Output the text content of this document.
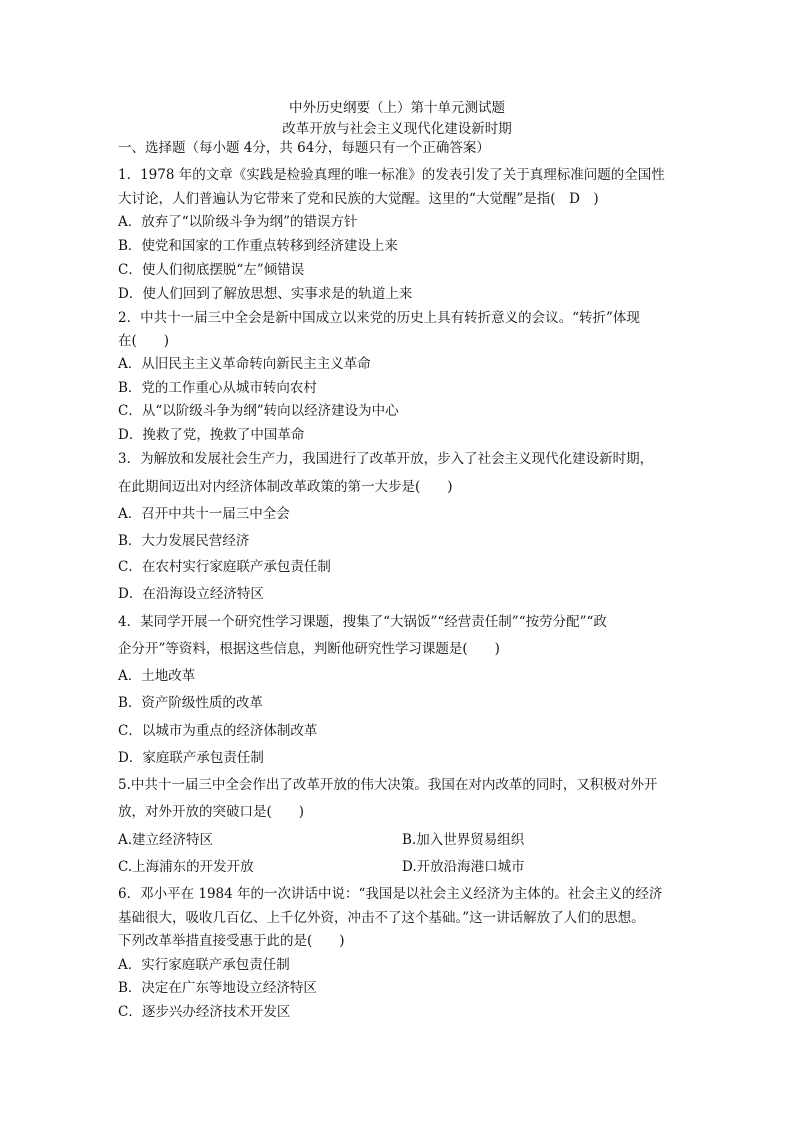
中外历史纲要（上）第十单元测试题
改革开放与社会主义现代化建设新时期
一、选择题（每小题 4分，共 64分，每题只有一个正确答案）
1．1978 年的文章《实践是检验真理的唯一标准》的发表引发了关于真理标准问题的全国性
大讨论，人们普遍认为它带来了党和民族的大觉醒。这里的“大觉醒”是指(　D　)
A．放弃了“以阶级斗争为纲”的错误方针
B．使党和国家的工作重点转移到经济建设上来
C．使人们彻底摆脱“左”倾错误
D．使人们回到了解放思想、实事求是的轨道上来
2．中共十一届三中全会是新中国成立以来党的历史上具有转折意义的会议。“转折”体现
在(　　)
A．从旧民主主义革命转向新民主主义革命
B．党的工作重心从城市转向农村
C．从“以阶级斗争为纲”转向以经济建设为中心
D．挽救了党，挽救了中国革命
3．为解放和发展社会生产力，我国进行了改革开放，步入了社会主义现代化建设新时期，
在此期间迈出对内经济体制改革政策的第一大步是(　　)
A．召开中共十一届三中全会
B．大力发展民营经济
C．在农村实行家庭联产承包责任制
D．在沿海设立经济特区
4．某同学开展一个研究性学习课题，搜集了“大锅饭”“经营责任制”“按劳分配”“政
企分开”等资料，根据这些信息，判断他研究性学习课题是(　　)
A．土地改革
B．资产阶级性质的改革
C．以城市为重点的经济体制改革
D．家庭联产承包责任制
5.中共十一届三中全会作出了改革开放的伟大决策。我国在对内改革的同时，又积极对外开
放，对外开放的突破口是(　　)
A.建立经济特区	B.加入世界贸易组织
C.上海浦东的开发开放	D.开放沿海港口城市
6．邓小平在 1984 年的一次讲话中说：“我国是以社会主义经济为主体的。社会主义的经济
基础很大，吸收几百亿、上千亿外资，冲击不了这个基础。”这一讲话解放了人们的思想。
下列改革举措直接受惠于此的是(　　)
A．实行家庭联产承包责任制
B．决定在广东等地设立经济特区
C．逐步兴办经济技术开发区
